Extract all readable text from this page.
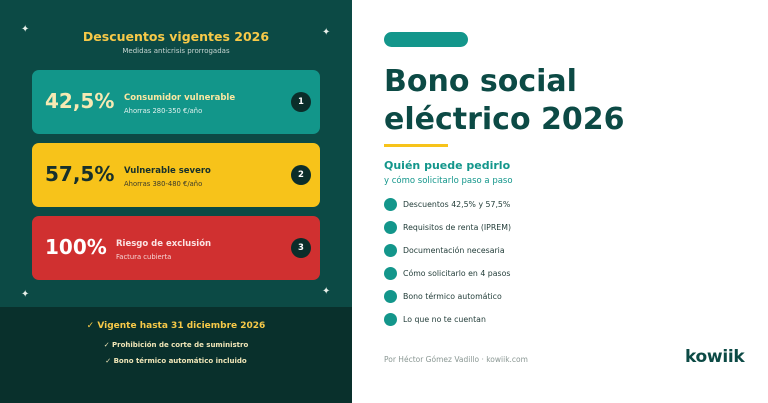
✦	✦
✦	✦
Descuentos vigentes 2026
Medidas anticrisis prorrogadas
42,5% Consumidor vulnerable
Ahorras 280-350 €/año
1
57,5% Vulnerable severo
Ahorras 380-480 €/año
2
100% Riesgo de exclusión
Factura cubierta
3
✓ Vigente hasta 31 diciembre 2026
✓ Prohibición de corte de suministro
✓ Bono térmico automático incluido
Bono social
eléctrico 2026
Quién puede pedirlo
y cómo solicitarlo paso a paso
Descuentos 42,5% y 57,5%
Requisitos de renta (IPREM)
Documentación necesaria
Cómo solicitarlo en 4 pasos
Bono térmico automático
Lo que no te cuentan
Por Héctor Gómez Vadillo · kowiik.com	kowiik
